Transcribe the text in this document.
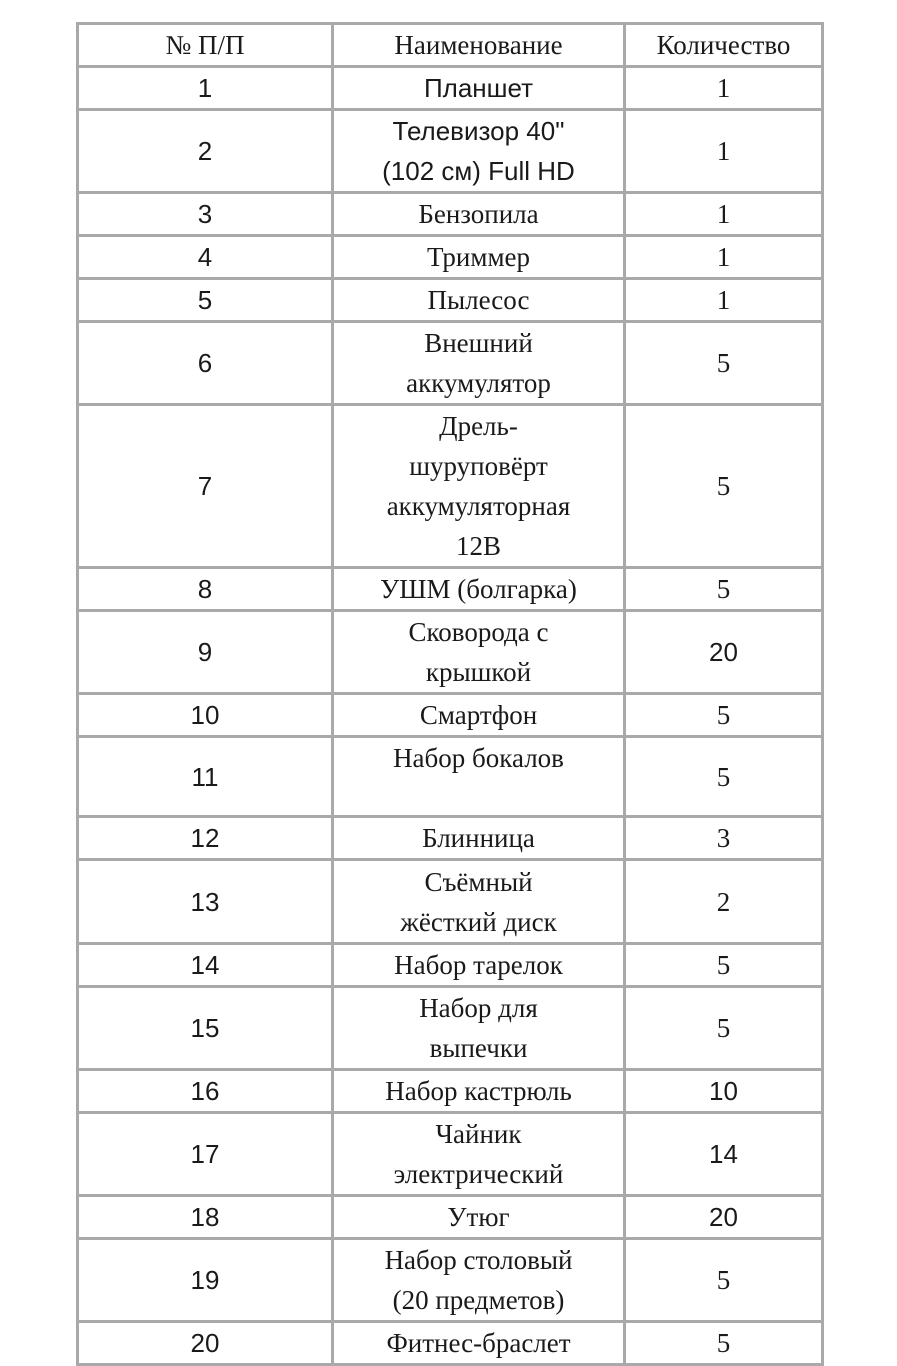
№ П/П	Наименование	Количество
1	Планшет	1
2	Телевизор 40"
(102 см) Full HD	1
3	Бензопила	1
4	Триммер	1
5	Пылесос	1
6	Внешний
аккумулятор	5
7	Дрель-
шуруповёрт
аккумуляторная
12В	5
8	УШМ (болгарка)	5
9	Сковорода с
крышкой	20
10	Смартфон	5
11	Набор бокалов	5
12	Блинница	3
13	Съёмный
жёсткий диск	2
14	Набор тарелок	5
15	Набор для
выпечки	5
16	Набор кастрюль	10
17	Чайник
электрический	14
18	Утюг	20
19	Набор столовый
(20 предметов)	5
20	Фитнес-браслет	5
